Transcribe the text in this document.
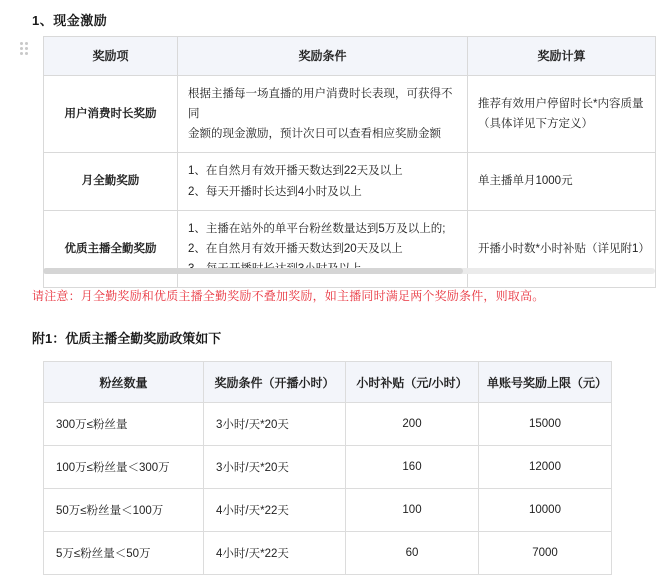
1、现金激励
奖励项	奖励条件	奖励计算
用户消费时长奖励	根据主播每一场直播的用户消费时长表现，可获得不同
金额的现金激励，预计次日可以查看相应奖励金额	推荐有效用户停留时长*内容质量
（具体详见下方定义）

月全勤奖励	1、在自然月有效开播天数达到22天及以上
2、每天开播时长达到4小时及以上	单主播单月1000元

优质主播全勤奖励	1、主播在站外的单平台粉丝数量达到5万及以上的;
2、在自然月有效开播天数达到20天及以上	开播小时数*小时补贴（详见附1）
请注意：月全勤奖励和优质主播全勤奖励不叠加奖励，如主播同时满足两个奖励条件，则取高。
附1：优质主播全勤奖励政策如下
粉丝数量	奖励条件（开播小时）	小时补贴（元/小时）	单账号奖励上限（元）
300万≤粉丝量	3小时/天*20天	200	15000
100万≤粉丝量＜300万	3小时/天*20天	160	12000
50万≤粉丝量＜100万	4小时/天*22天	100	10000
5万≤粉丝量＜50万	4小时/天*22天	60	7000
